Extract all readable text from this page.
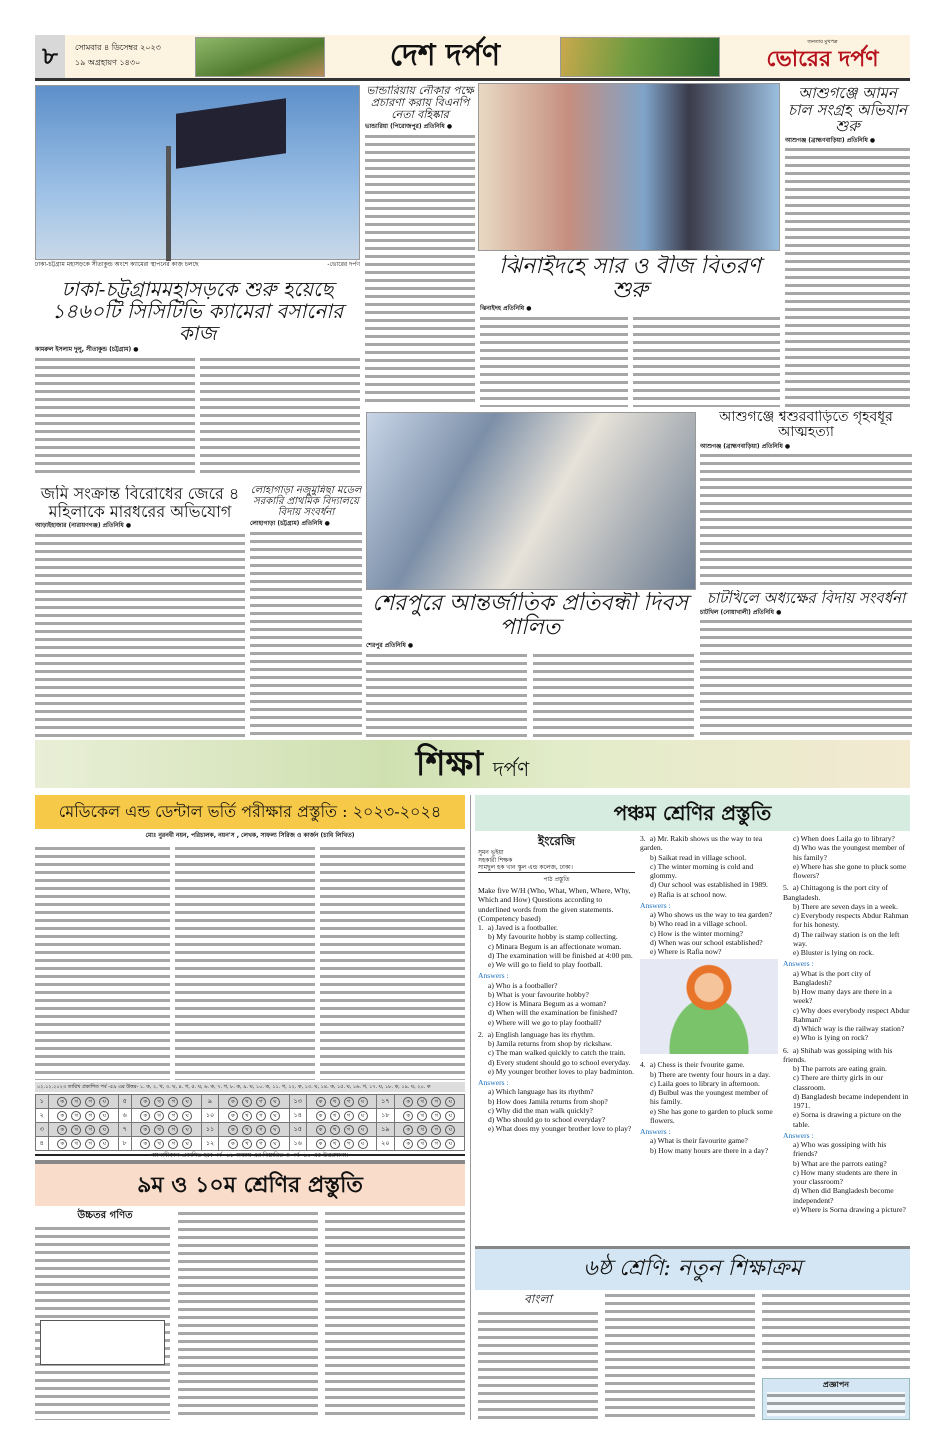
৮	সোমবার ৪ ডিসেম্বর ২০২৩
১৯ অগ্রহায়ণ ১৪৩০	দেশ দর্পণ	জনতার মুখপত্র
ভোরের দর্পণ
ঢাকা-চট্টগ্রাম মহাসড়কে সীতাকুন্ড অংশে ক্যামেরা স্থাপনের কাজ চলছে	-ভোরের দর্পণ
ঢাকা-চট্টগ্রামমহাসড়কে শুরু হয়েছে ১৪৬০টি সিসিটিভি ক্যামেরা বসানোর কাজ
কামরুল ইসলাম দুলু, সীতাকুন্ড (চট্টগ্রাম) ●
ভান্ডারিয়ায় নৌকার পক্ষে প্রচারণা করায় বিএনপি নেতা বহিষ্কার
ভান্ডারিয়া (পিরোজপুর) প্রতিনিধি ●
ঝিনাইদহে সার ও বীজ বিতরণ শুরু
ঝিনাইদহ প্রতিনিধি ●
আশুগঞ্জে আমন চাল সংগ্রহ অভিযান শুরু
আশুগঞ্জ (ব্রাহ্মণবাড়িয়া) প্রতিনিধি ●
আশুগঞ্জে শ্বশুরবাড়িতে গৃহবধূর আত্মহত্যা
আশুগঞ্জ (ব্রাহ্মণবাড়িয়া) প্রতিনিধি ●
জমি সংক্রান্ত বিরোধের জেরে ৪ মহিলাকে মারধরের অভিযোগ
আড়াইহাজার (নারায়ণগঞ্জ) প্রতিনিধি ●
লোহাগাড়া নজুমুন্নিছা মডেল সরকারি প্রাথমিক বিদ্যালয়ে বিদায় সংবর্ধনা
লোহাগাড়া (চট্টগ্রাম) প্রতিনিধি ●
শেরপুরে আন্তর্জাতিক প্রতিবন্ধী দিবস পালিত
শেরপুর প্রতিনিধি ●
চাটখিলে অধ্যক্ষের বিদায় সংবর্ধনা
চাটখিল (নোয়াখালী) প্রতিনিধি ●
শিক্ষা দর্পণ
মেডিকেল এন্ড ডেন্টাল ভর্তি পরীক্ষার প্রস্তুতি : ২০২৩-২০২৪
মোঃ নুরনবী নয়ন, পরিচালক, নয়ন'স , লেখক, সাফল্য সিরিজ ও কার্জন (চাবি লিখিত)
০২.১২.২০২৩ তারিখ প্রকাশিত পর্ব -৫৯ এর উত্তর- ১. ক, ২. খ, ৩. ঘ, ৪. গ, ৫. ঘ, ৬. ক, ৭. গ, ৮. ক, ৯. ঘ, ১০. ক, ১১. গ, ১২. ক, ১৩. ঘ, ১৪. ক, ১৫. ঘ, ১৬. গ, ১৭. ঘ, ১৮. ক, ১৯. ঘ, ২০. ক
১	ক খ গ ঘ	৫	ক খ গ ঘ	৯	ক খ গ ঘ	১৩	ক খ গ ঘ	১৭	ক খ গ ঘ
২	ক খ গ ঘ	৬	ক খ গ ঘ	১০	ক খ গ ঘ	১৪	ক খ গ ঘ	১৮	ক খ গ ঘ
৩	ক খ গ ঘ	৭	ক খ গ ঘ	১১	ক খ গ ঘ	১৫	ক খ গ ঘ	১৯	ক খ গ ঘ
৪	ক খ গ ঘ	৮	ক খ গ ঘ	১২	ক খ গ ঘ	১৬	ক খ গ ঘ	২০	ক খ গ ঘ
৯ম ও ১০ম শ্রেণির প্রস্তুতি
উচ্চতর গণিত
পঞ্চম শ্রেণির প্রস্তুতি
ইংরেজি
সুমন ভূইয়া
সহকারী শিক্ষক
সামছুল হক খান স্কুল এন্ড কলেজ, ঢাকা।
পাঠ প্রস্তুতি

Make five W/H (Who, What, When, Where, Why, Which and How) Questions according to underlined words from the given statements. (Competency based)

1. a) Javed is a footballer.

b) My favourite hobby is stamp collecting.

c) Minara Begum is an affectionate woman.

d) The examination will be finished at 4:00 pm.

e) We will go to field to play football.

Answers :

a) Who is a footballer?

b) What is your favourite hobby?

c) How is Minara Begum as a woman?

d) When will the examination be finished?

e) Where will we go to play football?

2. a) English language has its rhythm.

b) Jamila returns from shop by rickshaw.

c) The man walked quickly to catch the train.

d) Every student should go to school everyday.

e) My younger brother loves to play badminton.

Answers :

a) Which language has its rhythm?

b) How does Jamila returns from shop?

c) Why did the man walk quickly?

d) Who should go to school everyday?

e) What does my younger brother love to play?

3. a) Mr. Rakib shows us the way to tea garden.

b) Saikat read in village school.

c) The winter morning is cold and glommy.

d) Our school was established in 1989.

e) Rafia is at school now.

Answers :

a) Who shows us the way to tea garden?

b) Who read in a village school.

c) How is the winter morning?

d) When was our school established?

e) Where is Rafia now?

4. a) Chess is their fvourite game.

b) There are twenty four hours in a day.

c) Laila goes to library in afternoon.

d) Bulbul was the youngest member of his family.

e) She has gone to garden to pluck some flowers.

Answers :

a) What is their favourite game?

b) How many hours are there in a day?

c) When does Laila go to library?

d) Who was the youngest member of his family?

e) Where has she gone to pluck some flowers?

5. a) Chittagong is the port city of Bangladesh.

b) There are seven days in a week.

c) Everybody respects Abdur Rahman for his honesty.

d) The railway station is on the left way.

e) Bluster is lying on rock.

Answers :

a) What is the port city of Bangladesh?

b) How many days are there in a week?

c) Why does everybody respect Abdur Rahman?

d) Which way is the railway station?

e) Who is lying on rock?

6. a) Shihab was gossiping with his friends.

b) The parrots are eating grain.

c) There are thirty girls in our classroom.

d) Bangladesh became independent in 1971.

e) Sorna is drawing a picture on the table.

Answers :

a) Who was gossiping with his friends?

b) What are the parrots eating?

c) How many students are there in your classroom?

d) When did Bangladesh become independent?

e) Where is Sorna drawing a picture?

৬ষ্ঠ শ্রেণি: নতুন শিক্ষাক্রম
বাংলা
প্রজ্ঞাপন
